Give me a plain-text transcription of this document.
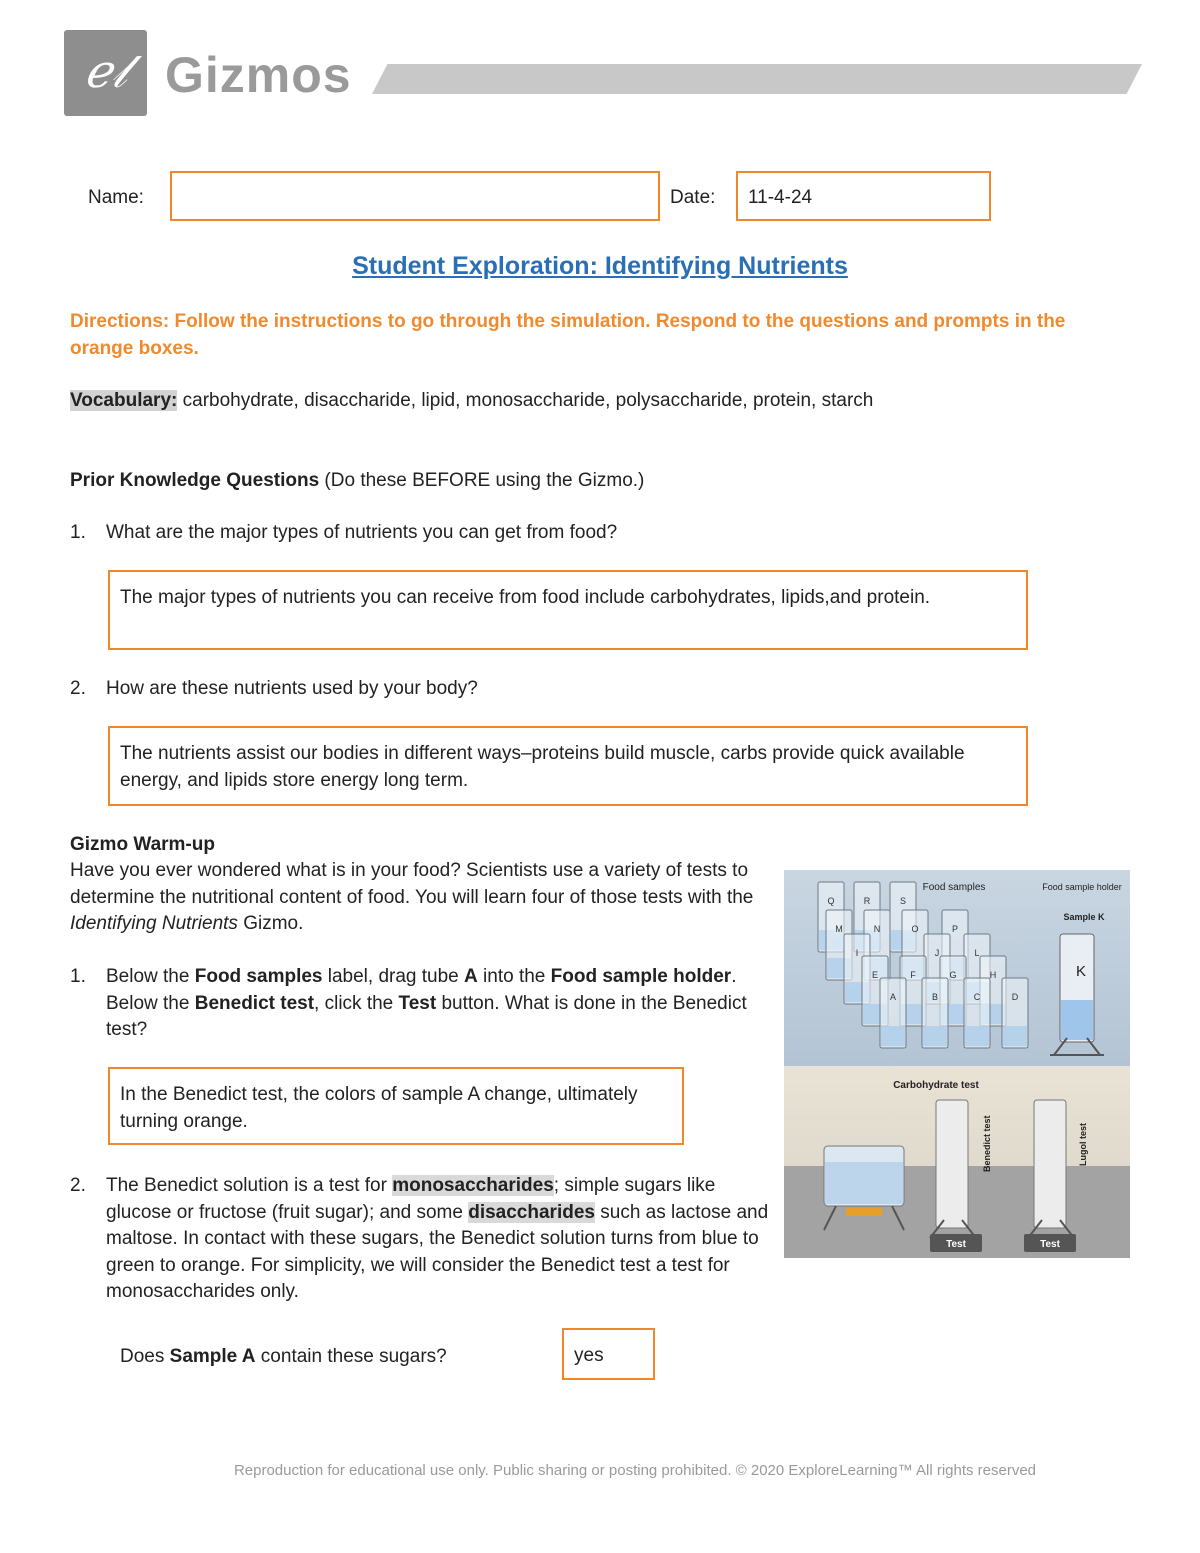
ℯ𝓁 Gizmos
Name:	Date:	11-4-24
Student Exploration: Identifying Nutrients
Directions: Follow the instructions to go through the simulation. Respond to the questions and prompts in the orange boxes.
Vocabulary: carbohydrate, disaccharide, lipid, monosaccharide, polysaccharide, protein, starch
Prior Knowledge Questions (Do these BEFORE using the Gizmo.)
1. What are the major types of nutrients you can get from food?
The major types of nutrients you can receive from food include carbohydrates, lipids,and protein.
2. How are these nutrients used by your body?
The nutrients assist our bodies in different ways–proteins build muscle, carbs provide quick available energy, and lipids store energy long term.
Gizmo Warm-up
Have you ever wondered what is in your food? Scientists use a variety of tests to determine the nutritional content of food. You will learn four of those tests with the Identifying Nutrients Gizmo.
1. Below the Food samples label, drag tube A into the Food sample holder. Below the Benedict test, click the Test button. What is done in the Benedict test?
In the Benedict test, the colors of sample A change, ultimately turning orange.
2. The Benedict solution is a test for monosaccharides; simple sugars like glucose or fructose (fruit sugar); and some disaccharides such as lactose and maltose. In contact with these sugars, the Benedict solution turns from blue to green to orange. For simplicity, we will consider the Benedict test a test for monosaccharides only.
Does Sample A contain these sugars?	yes
Q	R	S
M	N	O	P
I	J	L
E	F	G	H
A	B	C	D
K
Food samples	Food sample holder
Sample K
Carbohydrate test
Benedict test	Lugol test
Test	Test
Reproduction for educational use only. Public sharing or posting prohibited. © 2020 ExploreLearning™ All rights reserved
